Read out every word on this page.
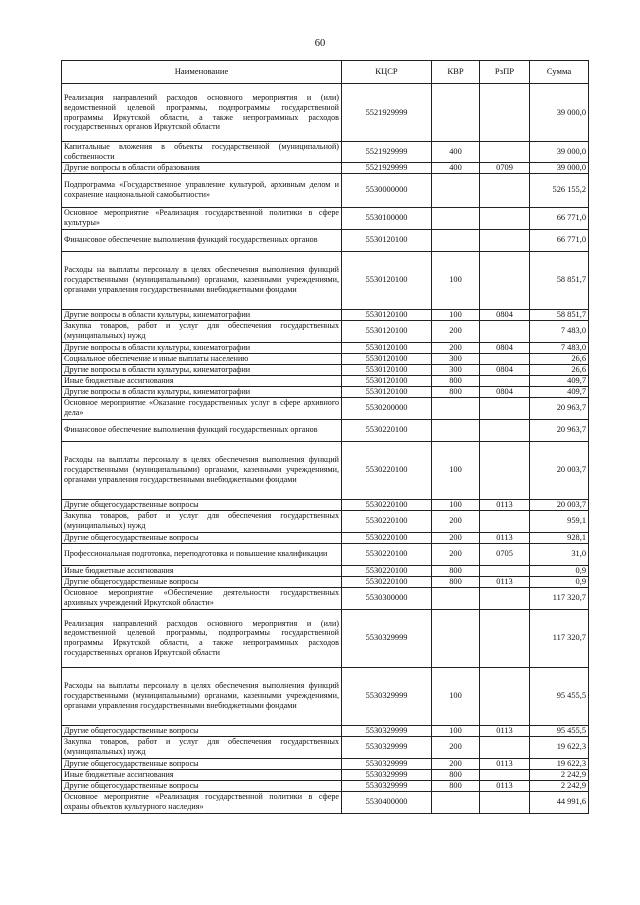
60
Наименование	КЦСР	КВР	РзПР	Сумма
Реализация направлений расходов основного мероприятия и (или) ведомственной целевой программы, подпрограммы государственной программы Иркутской области, а также непрограммных расходов государственных органов Иркутской области	5521929999			39 000,0
Капитальные вложения в объекты государственной (муниципальной) собственности	5521929999	400		39 000,0
Другие вопросы в области образования	5521929999	400	0709	39 000,0
Подпрограмма «Государственное управление культурой, архивным делом и сохранение национальной самобытности»	5530000000			526 155,2
Основное мероприятие «Реализация государственной политики в сфере культуры»	5530100000			66 771,0
Финансовое обеспечение выполнения функций государственных органов	5530120100			66 771,0
Расходы на выплаты персоналу в целях обеспечения выполнения функций государственными (муниципальными) органами, казенными учреждениями, органами управления государственными внебюджетными фондами	5530120100	100		58 851,7
Другие вопросы в области культуры, кинематографии	5530120100	100	0804	58 851,7
Закупка товаров, работ и услуг для обеспечения государственных (муниципальных) нужд	5530120100	200		7 483,0
Другие вопросы в области культуры, кинематографии	5530120100	200	0804	7 483,0
Социальное обеспечение и иные выплаты населению	5530120100	300		26,6
Другие вопросы в области культуры, кинематографии	5530120100	300	0804	26,6
Иные бюджетные ассигнования	5530120100	800		409,7
Другие вопросы в области культуры, кинематографии	5530120100	800	0804	409,7
Основное мероприятие «Оказание государственных услуг в сфере архивного дела»	5530200000			20 963,7
Финансовое обеспечение выполнения функций государственных органов	5530220100			20 963,7
Расходы на выплаты персоналу в целях обеспечения выполнения функций государственными (муниципальными) органами, казенными учреждениями, органами управления государственными внебюджетными фондами	5530220100	100		20 003,7
Другие общегосударственные вопросы	5530220100	100	0113	20 003,7
Закупка товаров, работ и услуг для обеспечения государственных (муниципальных) нужд	5530220100	200		959,1
Другие общегосударственные вопросы	5530220100	200	0113	928,1
Профессиональная подготовка, переподготовка и повышение квалификации	5530220100	200	0705	31,0
Иные бюджетные ассигнования	5530220100	800		0,9
Другие общегосударственные вопросы	5530220100	800	0113	0,9
Основное мероприятие «Обеспечение деятельности государственных архивных учреждений Иркутской области»	5530300000			117 320,7
Реализация направлений расходов основного мероприятия и (или) ведомственной целевой программы, подпрограммы государственной программы Иркутской области, а также непрограммных расходов государственных органов Иркутской области	5530329999			117 320,7
Расходы на выплаты персоналу в целях обеспечения выполнения функций государственными (муниципальными) органами, казенными учреждениями, органами управления государственными внебюджетными фондами	5530329999	100		95 455,5
Другие общегосударственные вопросы	5530329999	100	0113	95 455,5
Закупка товаров, работ и услуг для обеспечения государственных (муниципальных) нужд	5530329999	200		19 622,3
Другие общегосударственные вопросы	5530329999	200	0113	19 622,3
Иные бюджетные ассигнования	5530329999	800		2 242,9
Другие общегосударственные вопросы	5530329999	800	0113	2 242,9
Основное мероприятие «Реализация государственной политики в сфере охраны объектов культурного наследия»	5530400000			44 991,6
